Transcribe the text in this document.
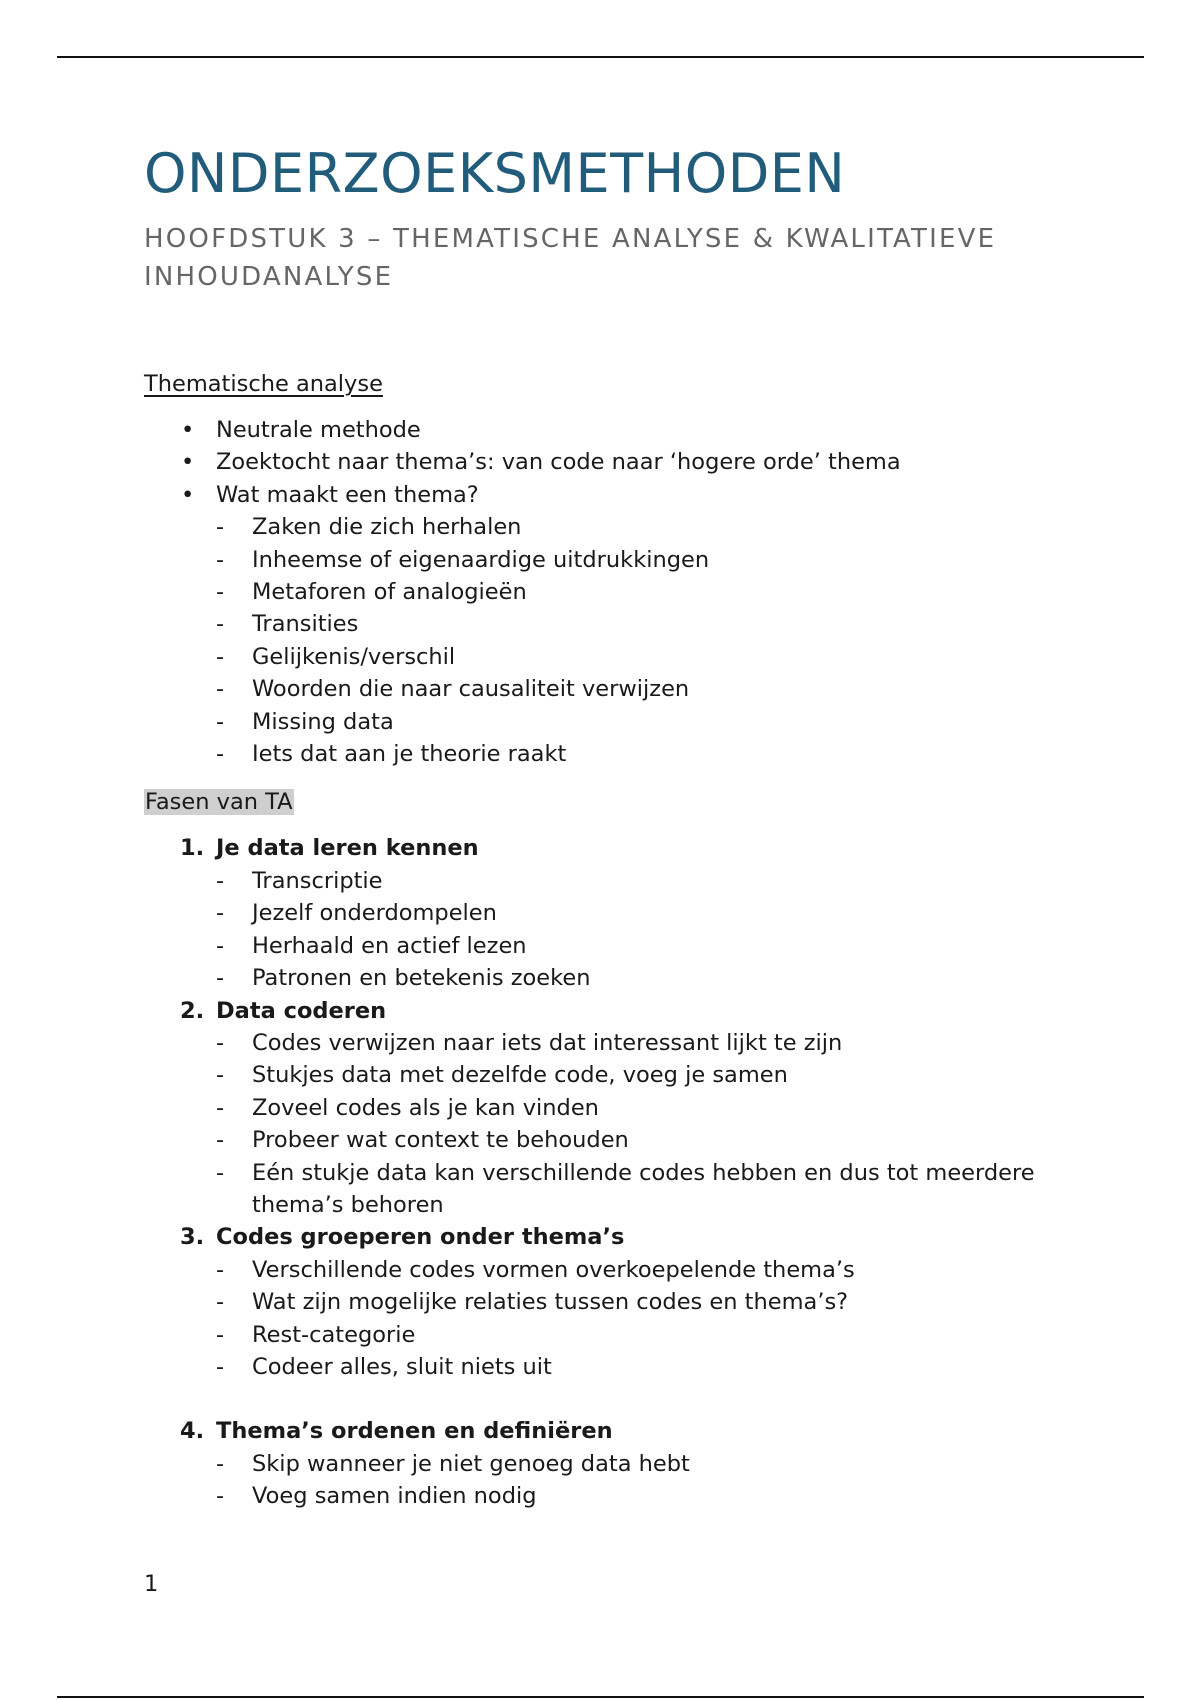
ONDERZOEKSMETHODEN
HOOFDSTUK 3 – THEMATISCHE ANALYSE & KWALITATIEVE INHOUDANALYSE

Thematische analyse

• Neutrale methode
• Zoektocht naar thema’s: van code naar ‘hogere orde’ thema
• Wat maakt een thema?
- Zaken die zich herhalen
- Inheemse of eigenaardige uitdrukkingen
- Metaforen of analogieën
- Transities
- Gelijkenis/verschil
- Woorden die naar causaliteit verwijzen
- Missing data
- Iets dat aan je theorie raakt

Fasen van TA

1. Je data leren kennen
- Transcriptie
- Jezelf onderdompelen
- Herhaald en actief lezen
- Patronen en betekenis zoeken
2. Data coderen
- Codes verwijzen naar iets dat interessant lijkt te zijn
- Stukjes data met dezelfde code, voeg je samen
- Zoveel codes als je kan vinden
- Probeer wat context te behouden
- Eén stukje data kan verschillende codes hebben en dus tot meerdere thema’s behoren
3. Codes groeperen onder thema’s
- Verschillende codes vormen overkoepelende thema’s
- Wat zijn mogelijke relaties tussen codes en thema’s?
- Rest-categorie
- Codeer alles, sluit niets uit
4. Thema’s ordenen en definiëren
- Skip wanneer je niet genoeg data hebt
- Voeg samen indien nodig
1
